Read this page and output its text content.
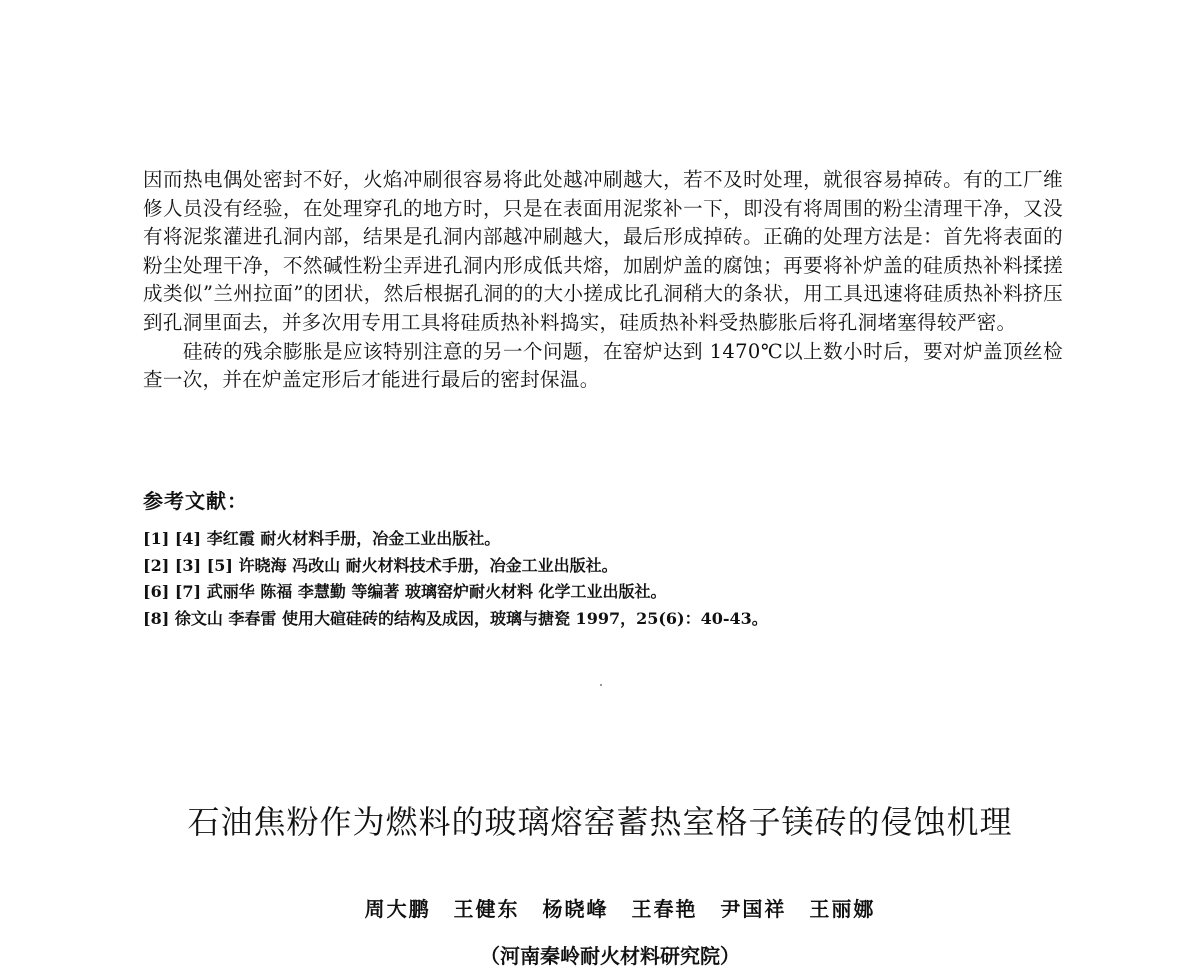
因而热电偶处密封不好，火焰冲刷很容易将此处越冲刷越大，若不及时处理，就很容易掉砖。有的工厂维修人员没有经验，在处理穿孔的地方时，只是在表面用泥浆补一下，即没有将周围的粉尘清理干净，又没有将泥浆灌进孔洞内部，结果是孔洞内部越冲刷越大，最后形成掉砖。正确的处理方法是：首先将表面的粉尘处理干净，不然碱性粉尘弄进孔洞内形成低共熔，加剧炉盖的腐蚀；再要将补炉盖的硅质热补料揉搓成类似”兰州拉面”的团状，然后根据孔洞的的大小搓成比孔洞稍大的条状，用工具迅速将硅质热补料挤压到孔洞里面去，并多次用专用工具将硅质热补料捣实，硅质热补料受热膨胀后将孔洞堵塞得较严密。

硅砖的残余膨胀是应该特别注意的另一个问题，在窑炉达到 1470℃以上数小时后，要对炉盖顶丝检查一次，并在炉盖定形后才能进行最后的密封保温。

参考文献：
[1] [4] 李红霞 耐火材料手册，冶金工业出版社。
[2] [3] [5] 许晓海 冯改山 耐火材料技术手册，冶金工业出版社。
[6] [7] 武丽华 陈福 李慧勤 等编著 玻璃窑炉耐火材料 化学工业出版社。
[8] 徐文山 李春雷 使用大碹硅砖的结构及成因，玻璃与搪瓷 1997，25(6)：40-43。
石油焦粉作为燃料的玻璃熔窑蓄热室格子镁砖的侵蚀机理
周大鹏 王健东 杨晓峰 王春艳 尹国祥 王丽娜
（河南秦岭耐火材料研究院）
